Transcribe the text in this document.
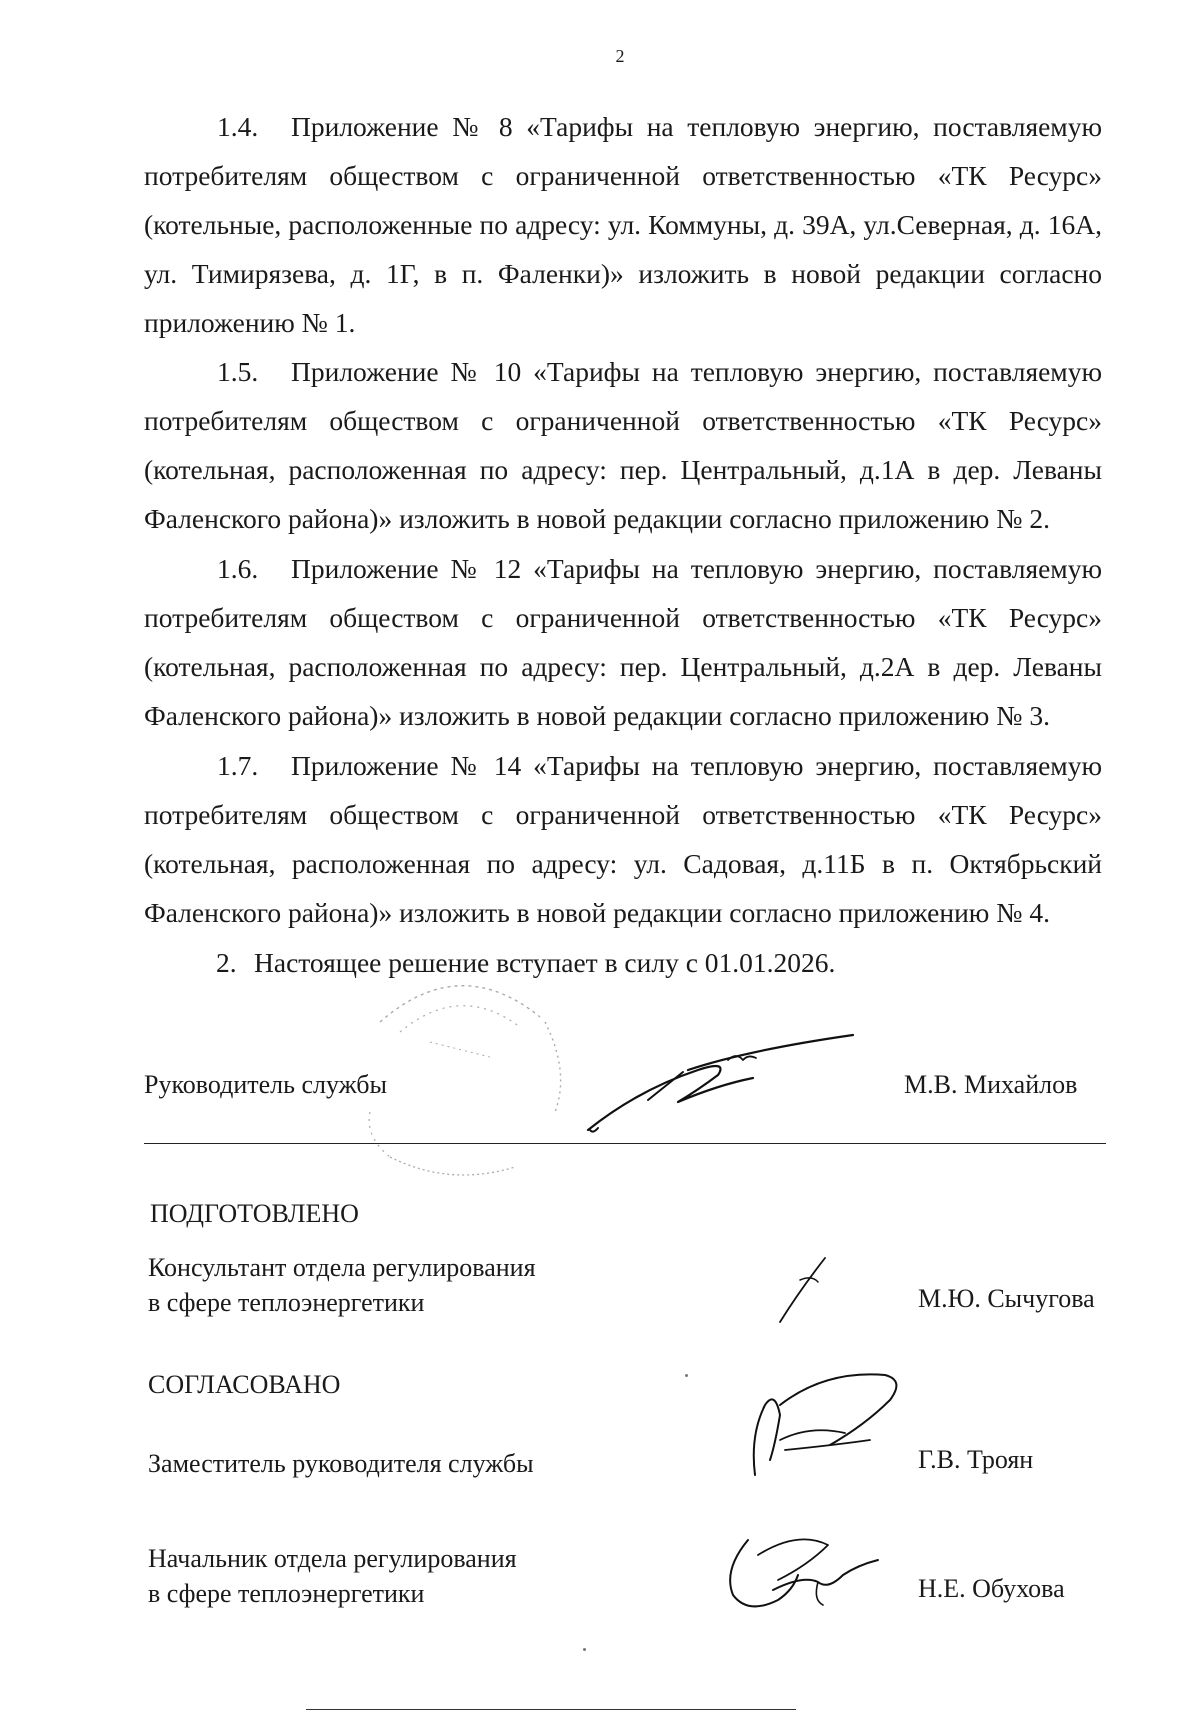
2

1.4. Приложение № 8 «Тарифы на тепловую энергию, поставляемую потребителям обществом с ограниченной ответственностью «ТК Ресурс» (котельные, расположенные по адресу: ул. Коммуны, д. 39А, ул.Северная, д. 16А, ул. Тимирязева, д. 1Г, в п. Фаленки)» изложить в новой редакции согласно приложению № 1.

1.5. Приложение № 10 «Тарифы на тепловую энергию, поставляемую потребителям обществом с ограниченной ответственностью «ТК Ресурс» (котельная, расположенная по адресу: пер. Центральный, д.1А в дер. Леваны Фаленского района)» изложить в новой редакции согласно приложению № 2.

1.6. Приложение № 12 «Тарифы на тепловую энергию, поставляемую потребителям обществом с ограниченной ответственностью «ТК Ресурс» (котельная, расположенная по адресу: пер. Центральный, д.2А в дер. Леваны Фаленского района)» изложить в новой редакции согласно приложению № 3.

1.7. Приложение № 14 «Тарифы на тепловую энергию, поставляемую потребителям обществом с ограниченной ответственностью «ТК Ресурс» (котельная, расположенная по адресу: ул. Садовая, д.11Б в п. Октябрьский Фаленского района)» изложить в новой редакции согласно приложению № 4.

2. Настоящее решение вступает в силу с 01.01.2026.

Руководитель службы	М.В. Михайлов
ПОДГОТОВЛЕНО
Консультант отдела регулирования
в сфере теплоэнергетики	М.Ю. Сычугова
СОГЛАСОВАНО
Заместитель руководителя службы	Г.В. Троян
Начальник отдела регулирования
в сфере теплоэнергетики	Н.Е. Обухова
